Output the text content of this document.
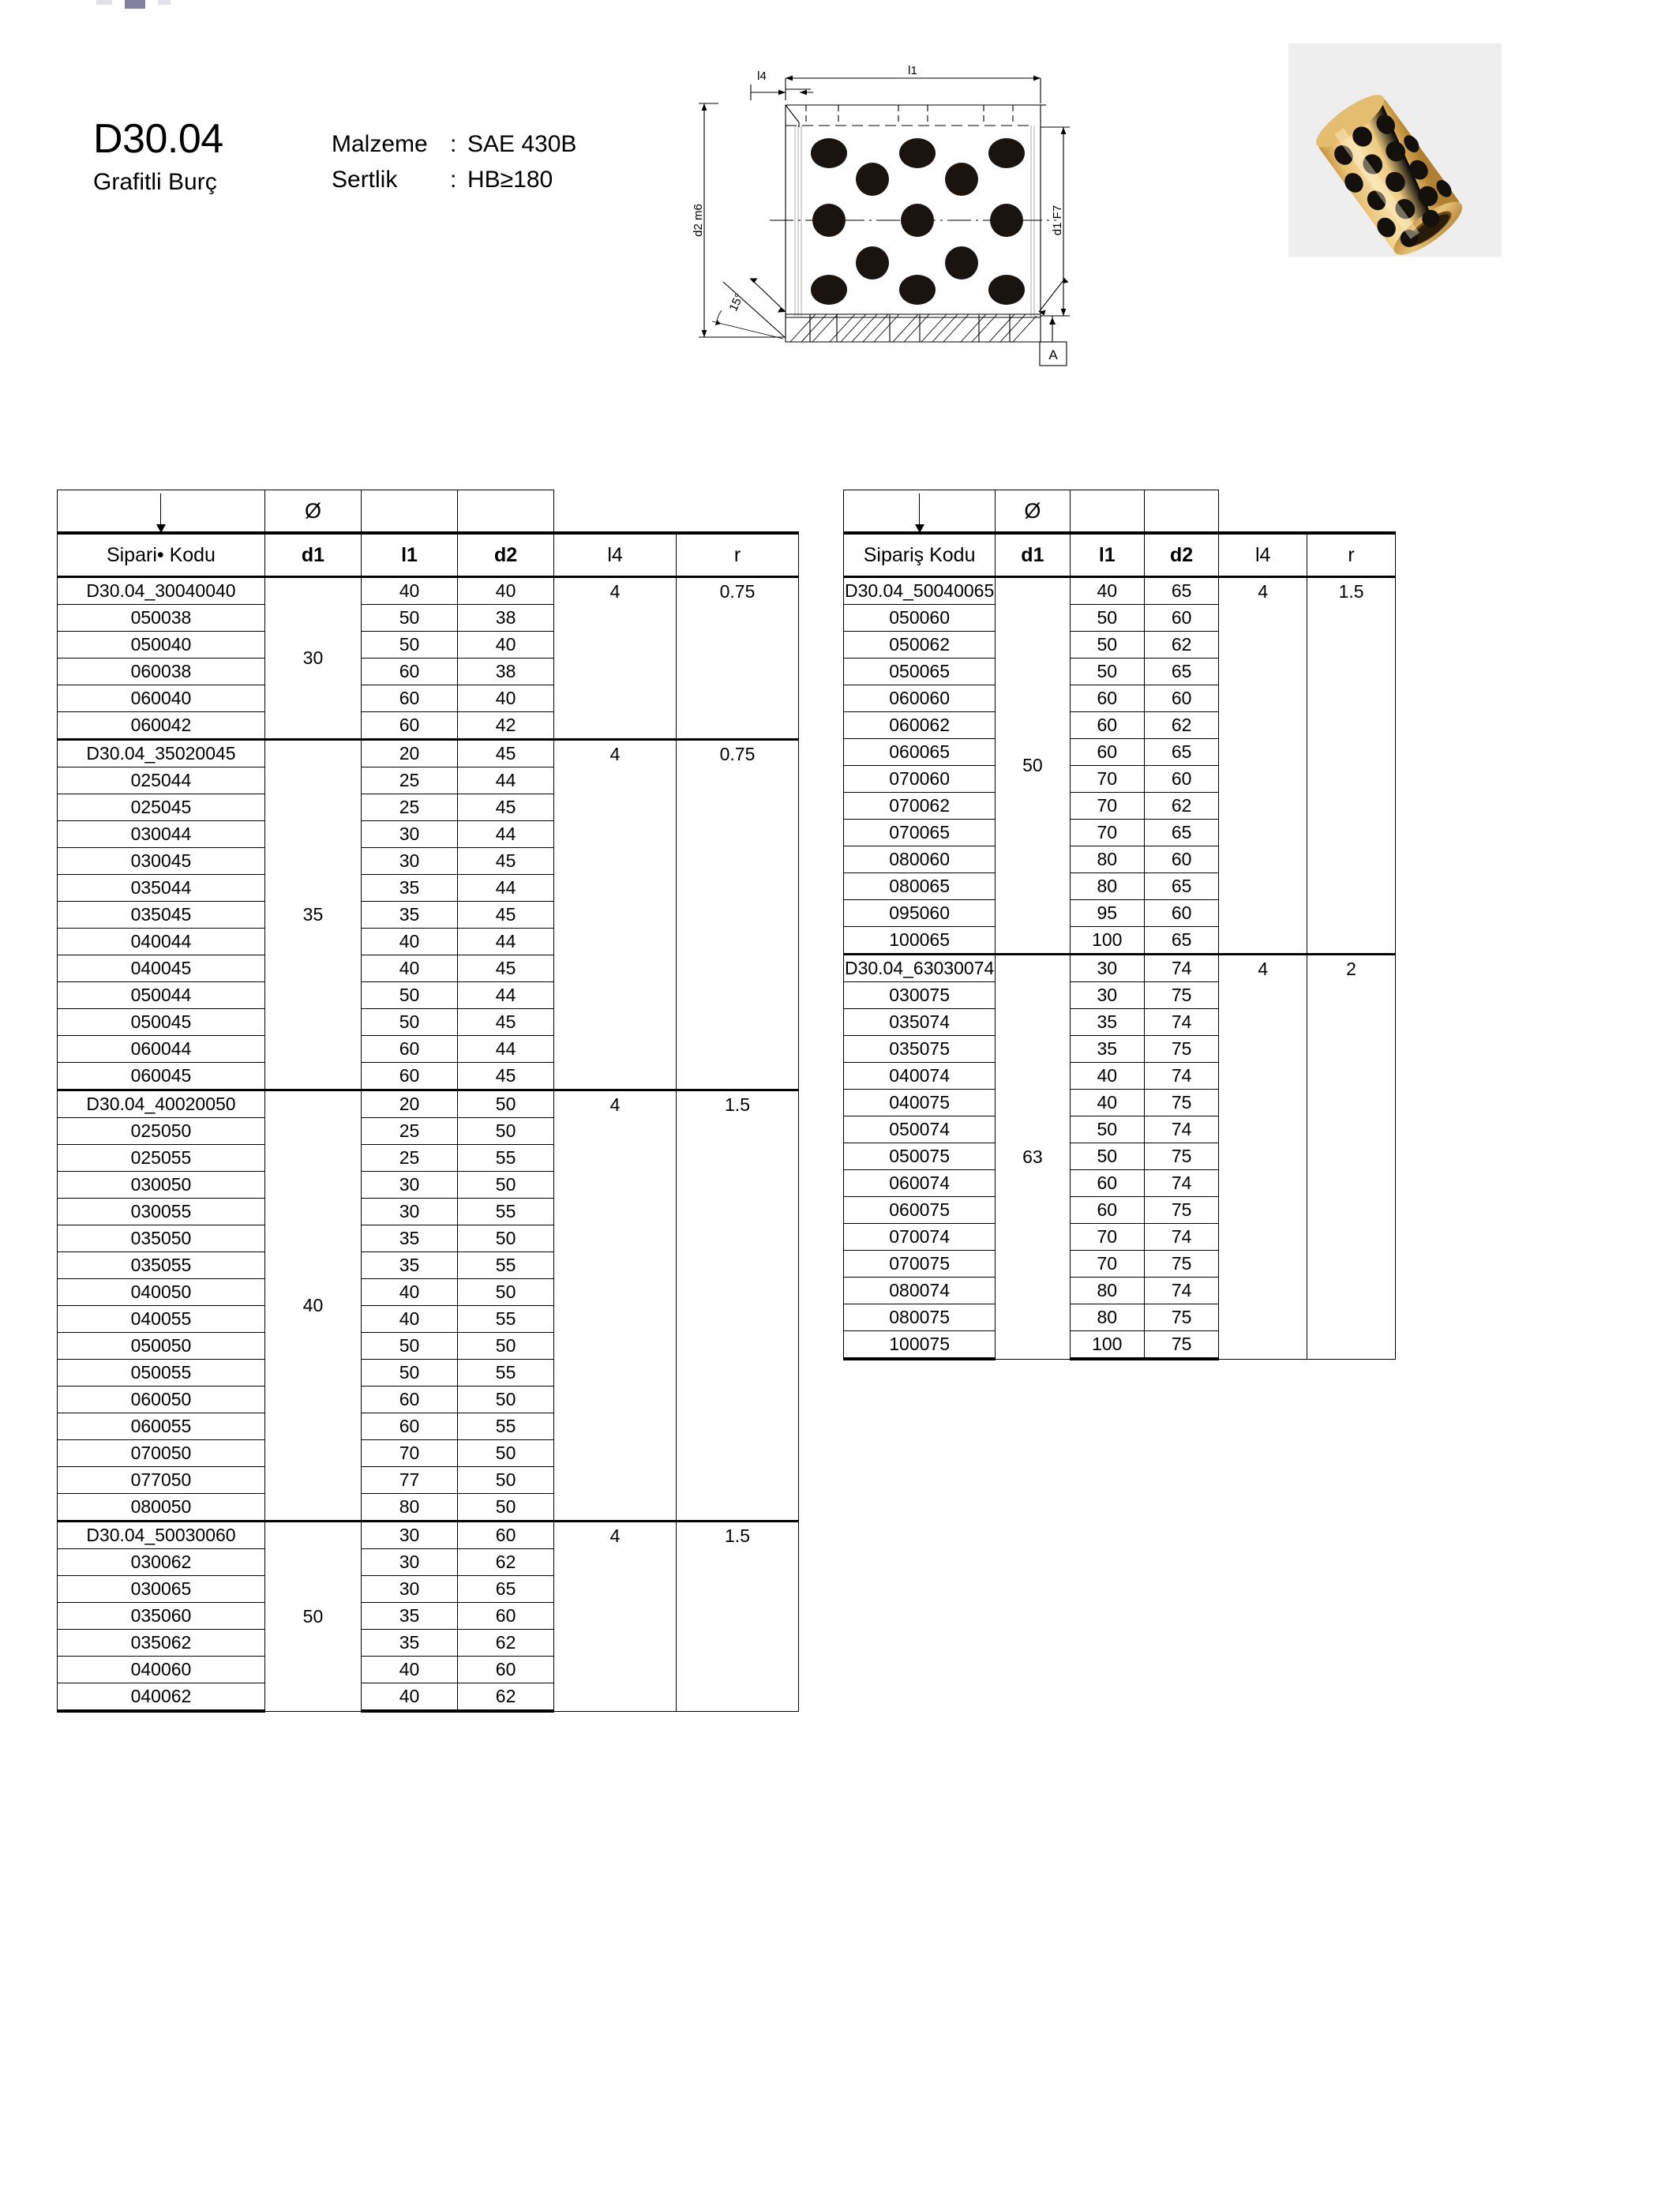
D30.04
Grafitli Burç
Malzeme : SAE 430B
Sertlik	: HB≥180
l1
l4
d2 m6	d1 F7
15°
A
	Ø				
Sipari• Kodu	d1	l1	d2	l4	r
D30.04_30040040	30	40	40	4	0.75
050038		50	38		
050040		50	40		
060038		60	38		
060040		60	40		
060042		60	42		
D30.04_35020045	35	20	45	4	0.75
025044		25	44		
025045		25	45		
030044		30	44		
030045		30	45		
035044		35	44		
035045		35	45		
040044		40	44		
040045		40	45		
050044		50	44		
050045		50	45		
060044		60	44		
060045		60	45		
D30.04_40020050	40	20	50	4	1.5
025050		25	50		
025055		25	55		
030050		30	50		
030055		30	55		
035050		35	50		
035055		35	55		
040050		40	50		
040055		40	55		
050050		50	50		
050055		50	55		
060050		60	50		
060055		60	55		
070050		70	50		
077050		77	50		
080050		80	50		
D30.04_50030060	50	30	60	4	1.5
030062		30	62		
030065		30	65		
035060		35	60		
035062		35	62		
040060		40	60		
040062		40	62		
	Ø				
Sipariş Kodu	d1	l1	d2	l4	r
D30.04_50040065	50	40	65	4	1.5
050060		50	60		
050062		50	62		
050065		50	65		
060060		60	60		
060062		60	62		
060065		60	65		
070060		70	60		
070062		70	62		
070065		70	65		
080060		80	60		
080065		80	65		
095060		95	60		
100065		100	65		
D30.04_63030074	63	30	74	4	2
030075		30	75		
035074		35	74		
035075		35	75		
040074		40	74		
040075		40	75		
050074		50	74		
050075		50	75		
060074		60	74		
060075		60	75		
070074		70	74		
070075		70	75		
080074		80	74		
080075		80	75		
100075		100	75		
